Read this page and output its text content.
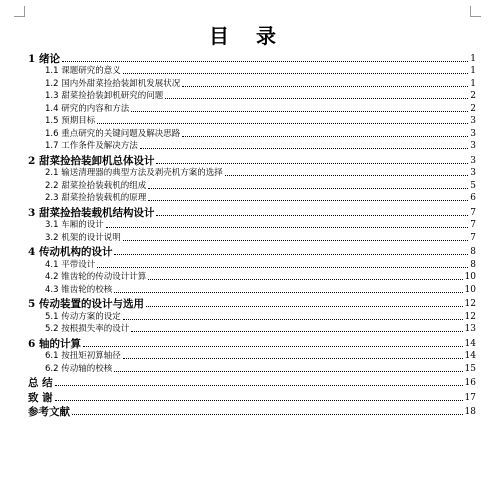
目 录
1 绪论	1
1.1 课题研究的意义	1
1.2 国内外甜菜捡拾装卸机发展状况	1
1.3 甜菜捡拾装卸机研究的问题	2
1.4 研究的内容和方法	2
1.5 预期目标	3
1.6 重点研究的关键问题及解决思路	3
1.7 工作条件及解决方法	3
2 甜菜捡拾装卸机总体设计	3
2.1 输送清理器的典型方法及剥壳机方案的选择	3
2.2 甜菜捡拾装载机的组成	5
2.3 甜菜捡拾装载机的原理	6
3 甜菜捡拾装载机结构设计	7
3.1 车厢的设计	7
3.2 机架的设计说明	7
4 传动机构的设计	8
4.1 平带设计	8
4.2 锥齿轮的传动设计计算	10
4.3 锥齿轮的校核	10
5 传动装置的设计与选用	12
5.1 传动方案的设定	12
5.2 按根损失率的设计	13
6 轴的计算	14
6.1 按扭矩初算轴径	14
6.2 传动轴的校核	15
总 结	16
致 谢	17
参考文献	18
